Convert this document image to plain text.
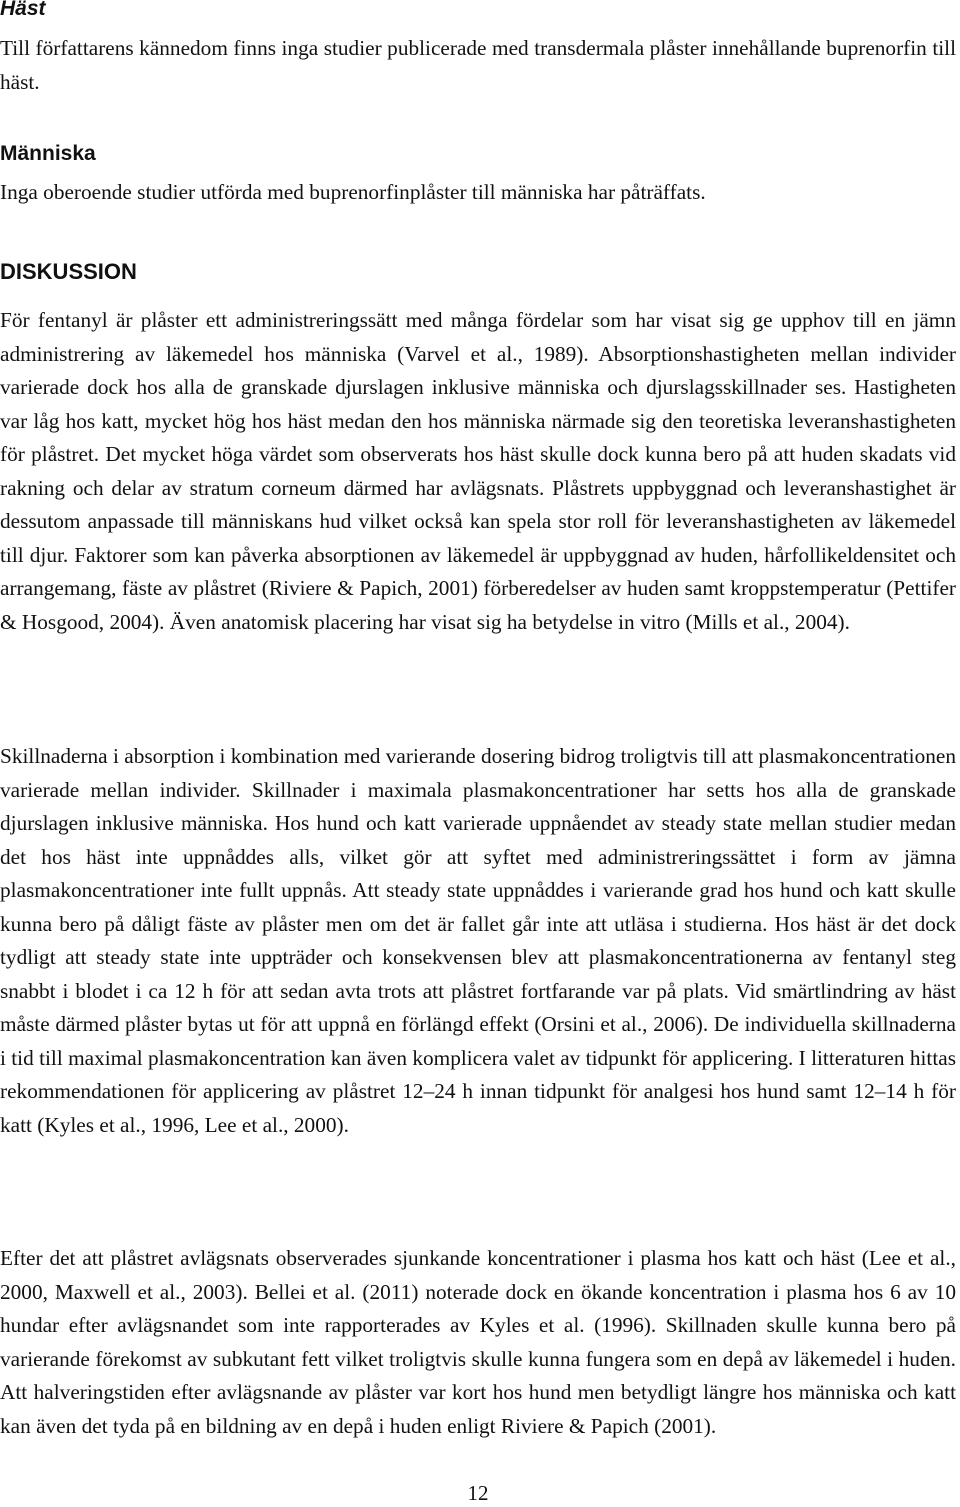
Häst

Till författarens kännedom finns inga studier publicerade med transdermala plåster innehållande buprenorfin till häst.

Människa

Inga oberoende studier utförda med buprenorfinplåster till människa har påträffats.

DISKUSSION

För fentanyl är plåster ett administreringssätt med många fördelar som har visat sig ge upphov till en jämn administrering av läkemedel hos människa (Varvel et al., 1989). Absorptionshastigheten mellan individer varierade dock hos alla de granskade djurslagen inklusive människa och djurslagsskillnader ses. Hastigheten var låg hos katt, mycket hög hos häst medan den hos människa närmade sig den teoretiska leveranshastigheten för plåstret. Det mycket höga värdet som observerats hos häst skulle dock kunna bero på att huden skadats vid rakning och delar av stratum corneum därmed har avlägsnats. Plåstrets uppbyggnad och leveranshastighet är dessutom anpassade till människans hud vilket också kan spela stor roll för leveranshastigheten av läkemedel till djur. Faktorer som kan påverka absorptionen av läkemedel är uppbyggnad av huden, hårfollikeldensitet och arrangemang, fäste av plåstret (Riviere & Papich, 2001) förberedelser av huden samt kroppstemperatur (Pettifer & Hosgood, 2004). Även anatomisk placering har visat sig ha betydelse in vitro (Mills et al., 2004).

Skillnaderna i absorption i kombination med varierande dosering bidrog troligtvis till att plasmakoncentrationen varierade mellan individer. Skillnader i maximala plasmakoncentrationer har setts hos alla de granskade djurslagen inklusive människa. Hos hund och katt varierade uppnåendet av steady state mellan studier medan det hos häst inte uppnåddes alls, vilket gör att syftet med administreringssättet i form av jämna plasmakoncentrationer inte fullt uppnås. Att steady state uppnåddes i varierande grad hos hund och katt skulle kunna bero på dåligt fäste av plåster men om det är fallet går inte att utläsa i studierna. Hos häst är det dock tydligt att steady state inte uppträder och konsekvensen blev att plasmakoncentrationerna av fentanyl steg snabbt i blodet i ca 12 h för att sedan avta trots att plåstret fortfarande var på plats. Vid smärtlindring av häst måste därmed plåster bytas ut för att uppnå en förlängd effekt (Orsini et al., 2006). De individuella skillnaderna i tid till maximal plasmakoncentration kan även komplicera valet av tidpunkt för applicering. I litteraturen hittas rekommendationen för applicering av plåstret 12–24 h innan tidpunkt för analgesi hos hund samt 12–14 h för katt (Kyles et al., 1996, Lee et al., 2000).

Efter det att plåstret avlägsnats observerades sjunkande koncentrationer i plasma hos katt och häst (Lee et al., 2000, Maxwell et al., 2003). Bellei et al. (2011) noterade dock en ökande koncentration i plasma hos 6 av 10 hundar efter avlägsnandet som inte rapporterades av Kyles et al. (1996). Skillnaden skulle kunna bero på varierande förekomst av subkutant fett vilket troligtvis skulle kunna fungera som en depå av läkemedel i huden. Att halveringstiden efter avlägsnande av plåster var kort hos hund men betydligt längre hos människa och katt kan även det tyda på en bildning av en depå i huden enligt Riviere & Papich (2001).

12
